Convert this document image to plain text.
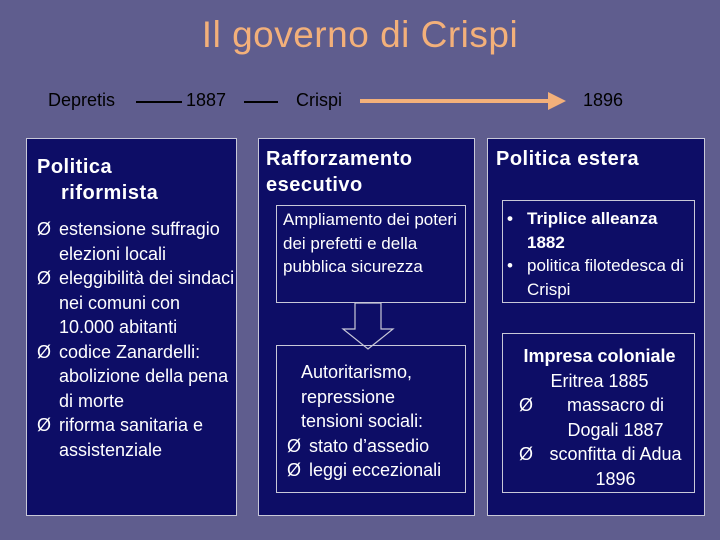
Il governo di Crispi
Depretis	1887	Crispi	1896
Politica
riformista
Ø estensione suffragio elezioni locali
Ø eleggibilità dei sindaci nei comuni con 10.000 abitanti
Ø codice Zanardelli: abolizione della pena di morte
Ø riforma sanitaria e assistenziale
Rafforzamento esecutivo
Ampliamento dei poteri dei prefetti e della pubblica sicurezza
Autoritarismo, repressione tensioni sociali:
Ø stato d’assedio
Ø leggi eccezionali
Politica estera
• Triplice alleanza 1882
• politica filotedesca di Crispi
Impresa coloniale
Eritrea 1885
Ø massacro di Dogali 1887
Ø sconfitta di Adua 1896
